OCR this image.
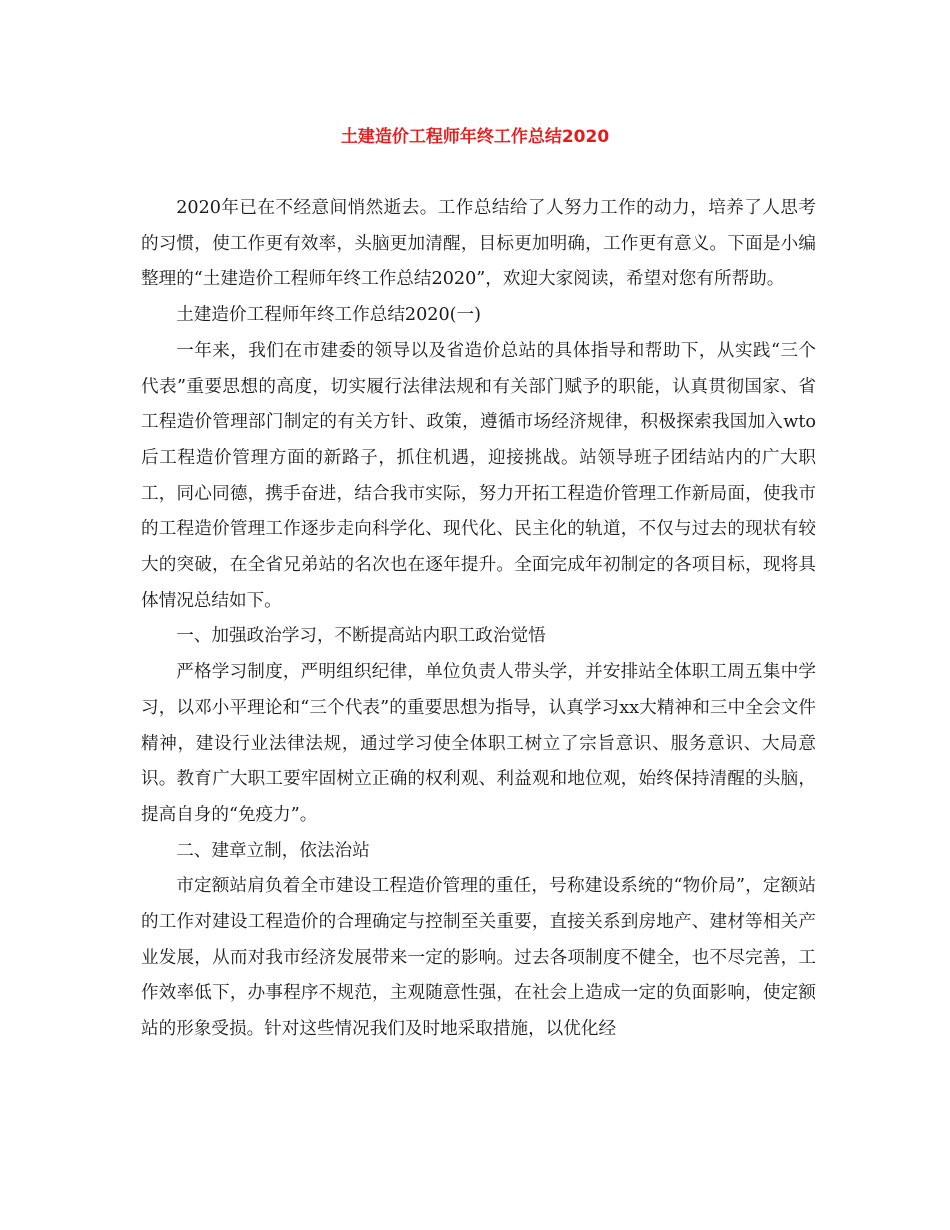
土建造价工程师年终工作总结2020

2020年已在不经意间悄然逝去。工作总结给了人努力工作的动力，培养了人思考的习惯，使工作更有效率，头脑更加清醒，目标更加明确，工作更有意义。下面是小编整理的“土建造价工程师年终工作总结2020”，欢迎大家阅读，希望对您有所帮助。

土建造价工程师年终工作总结2020(一)

一年来，我们在市建委的领导以及省造价总站的具体指导和帮助下，从实践“三个代表”重要思想的高度，切实履行法律法规和有关部门赋予的职能，认真贯彻国家、省工程造价管理部门制定的有关方针、政策，遵循市场经济规律，积极探索我国加入wto后工程造价管理方面的新路子，抓住机遇，迎接挑战。站领导班子团结站内的广大职工，同心同德，携手奋进，结合我市实际，努力开拓工程造价管理工作新局面，使我市的工程造价管理工作逐步走向科学化、现代化、民主化的轨道，不仅与过去的现状有较大的突破，在全省兄弟站的名次也在逐年提升。全面完成年初制定的各项目标，现将具体情况总结如下。

一、加强政治学习，不断提高站内职工政治觉悟

严格学习制度，严明组织纪律，单位负责人带头学，并安排站全体职工周五集中学习，以邓小平理论和“三个代表”的重要思想为指导，认真学习xx大精神和三中全会文件精神，建设行业法律法规，通过学习使全体职工树立了宗旨意识、服务意识、大局意识。教育广大职工要牢固树立正确的权利观、利益观和地位观，始终保持清醒的头脑，提高自身的“免疫力”。

二、建章立制，依法治站

市定额站肩负着全市建设工程造价管理的重任，号称建设系统的“物价局”，定额站的工作对建设工程造价的合理确定与控制至关重要，直接关系到房地产、建材等相关产业发展，从而对我市经济发展带来一定的影响。过去各项制度不健全，也不尽完善，工作效率低下，办事程序不规范，主观随意性强，在社会上造成一定的负面影响，使定额站的形象受损。针对这些情况我们及时地采取措施，以优化经
